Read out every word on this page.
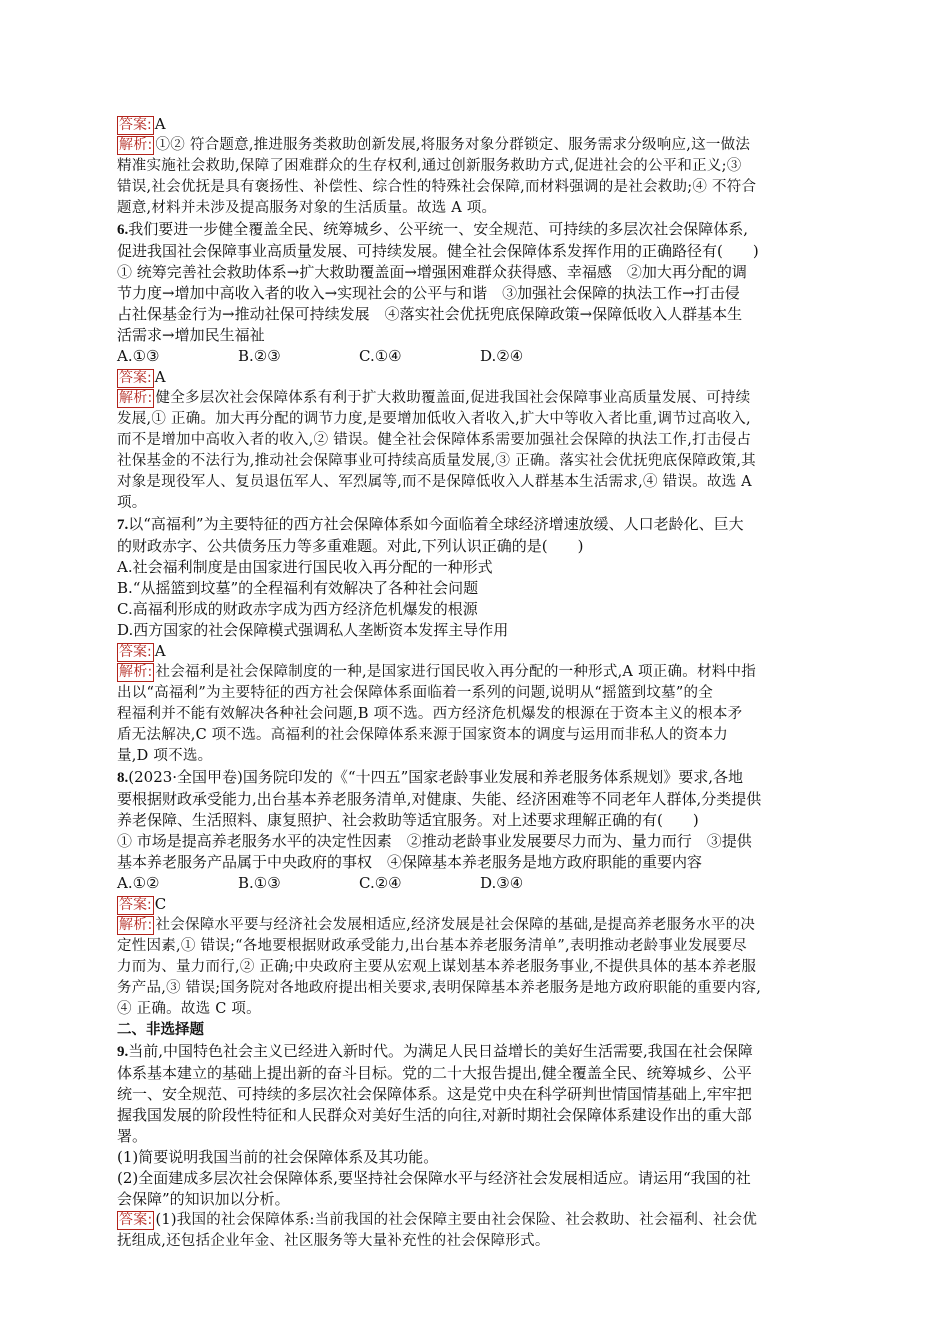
答案: A
解析: ①② 符合题意,推进服务类救助创新发展,将服务对象分群锁定、服务需求分级响应,这一做法
精准实施社会救助,保障了困难群众的生存权利,通过创新服务救助方式,促进社会的公平和正义;③
错误,社会优抚是具有褒扬性、补偿性、综合性的特殊社会保障,而材料强调的是社会救助;④ 不符合
题意,材料并未涉及提高服务对象的生活质量。故选 A 项。
6.我们要进一步健全覆盖全民、统筹城乡、公平统一、安全规范、可持续的多层次社会保障体系,
促进我国社会保障事业高质量发展、可持续发展。健全社会保障体系发挥作用的正确路径有(　　)
① 统筹完善社会救助体系→扩大救助覆盖面→增强困难群众获得感、幸福感　②加大再分配的调
节力度→增加中高收入者的收入→实现社会的公平与和谐　③加强社会保障的执法工作→打击侵
占社保基金行为→推动社保可持续发展　④落实社会优抚兜底保障政策→保障低收入人群基本生
活需求→增加民生福祉
A.①③	B.②③	C.①④	D.②④
答案: A
解析: 健全多层次社会保障体系有利于扩大救助覆盖面,促进我国社会保障事业高质量发展、可持续
发展,① 正确。加大再分配的调节力度,是要增加低收入者收入,扩大中等收入者比重,调节过高收入,
而不是增加中高收入者的收入,② 错误。健全社会保障体系需要加强社会保障的执法工作,打击侵占
社保基金的不法行为,推动社会保障事业可持续高质量发展,③ 正确。落实社会优抚兜底保障政策,其
对象是现役军人、复员退伍军人、军烈属等,而不是保障低收入人群基本生活需求,④ 错误。故选 A
项。
7.以“高福利”为主要特征的西方社会保障体系如今面临着全球经济增速放缓、人口老龄化、巨大
的财政赤字、公共债务压力等多重难题。对此,下列认识正确的是(　　)
A.社会福利制度是由国家进行国民收入再分配的一种形式
B.“从摇篮到坟墓”的全程福利有效解决了各种社会问题
C.高福利形成的财政赤字成为西方经济危机爆发的根源
D.西方国家的社会保障模式强调私人垄断资本发挥主导作用
答案: A
解析: 社会福利是社会保障制度的一种,是国家进行国民收入再分配的一种形式,A 项正确。材料中指
出以“高福利”为主要特征的西方社会保障体系面临着一系列的问题,说明从“摇篮到坟墓”的全
程福利并不能有效解决各种社会问题,B 项不选。西方经济危机爆发的根源在于资本主义的根本矛
盾无法解决,C 项不选。高福利的社会保障体系来源于国家资本的调度与运用而非私人的资本力
量,D 项不选。
8.(2023·全国甲卷)国务院印发的《“十四五”国家老龄事业发展和养老服务体系规划》要求,各地
要根据财政承受能力,出台基本养老服务清单,对健康、失能、经济困难等不同老年人群体,分类提供
养老保障、生活照料、康复照护、社会救助等适宜服务。对上述要求理解正确的有(　　)
① 市场是提高养老服务水平的决定性因素　②推动老龄事业发展要尽力而为、量力而行　③提供
基本养老服务产品属于中央政府的事权　④保障基本养老服务是地方政府职能的重要内容
A.①②	B.①③	C.②④	D.③④
答案: C
解析: 社会保障水平要与经济社会发展相适应,经济发展是社会保障的基础,是提高养老服务水平的决
定性因素,① 错误;“各地要根据财政承受能力,出台基本养老服务清单”,表明推动老龄事业发展要尽
力而为、量力而行,② 正确;中央政府主要从宏观上谋划基本养老服务事业,不提供具体的基本养老服
务产品,③ 错误;国务院对各地政府提出相关要求,表明保障基本养老服务是地方政府职能的重要内容,
④ 正确。故选 C 项。
二、非选择题
9.当前,中国特色社会主义已经进入新时代。为满足人民日益增长的美好生活需要,我国在社会保障
体系基本建立的基础上提出新的奋斗目标。党的二十大报告提出,健全覆盖全民、统筹城乡、公平
统一、安全规范、可持续的多层次社会保障体系。这是党中央在科学研判世情国情基础上,牢牢把
握我国发展的阶段性特征和人民群众对美好生活的向往,对新时期社会保障体系建设作出的重大部
署。
(1)简要说明我国当前的社会保障体系及其功能。
(2)全面建成多层次社会保障体系,要坚持社会保障水平与经济社会发展相适应。请运用“我国的社
会保障”的知识加以分析。
答案: (1)我国的社会保障体系:当前我国的社会保障主要由社会保险、社会救助、社会福利、社会优
抚组成,还包括企业年金、社区服务等大量补充性的社会保障形式。
